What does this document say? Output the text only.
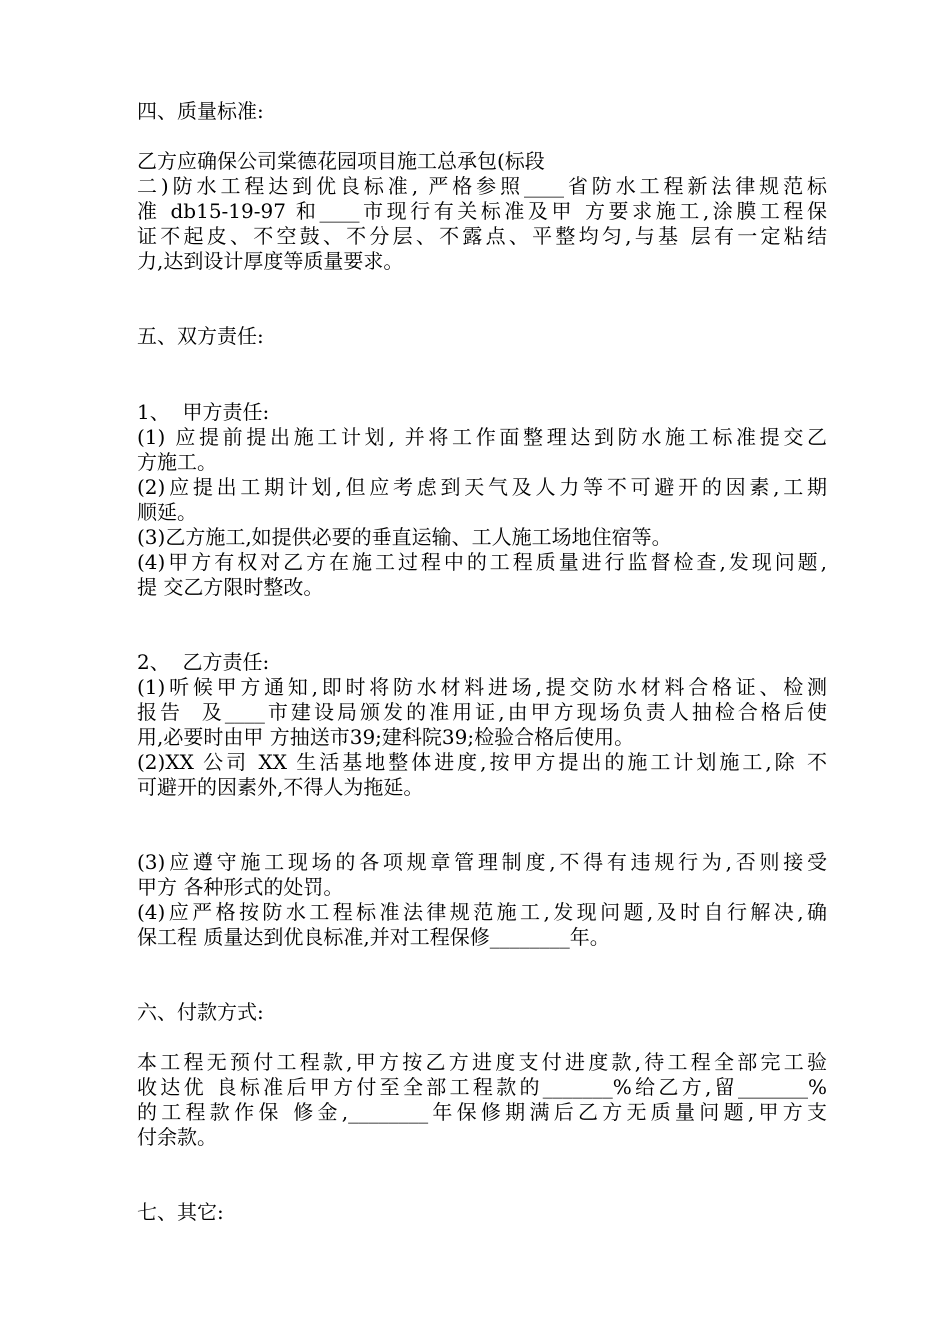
四、质量标准:

乙方应确保公司棠德花园项目施工总承包(标段

二)防水工程达到优良标准, 严格参照____省防水工程新法律规范标

准 db15-19-97 和____市现行有关标准及甲 方要求施工,涂膜工程保

证不起皮、不空鼓、不分层、不露点、平整均匀,与基 层有一定粘结

力,达到设计厚度等质量要求。

五、双方责任:

1、  甲方责任:

(1) 应提前提出施工计划, 并将工作面整理达到防水施工标准提交乙

方施工。

(2)应提出工期计划,但应考虑到天气及人力等不可避开的因素,工期

顺延。

(3)乙方施工,如提供必要的垂直运输、工人施工场地住宿等。

(4)甲方有权对乙方在施工过程中的工程质量进行监督检查,发现问题,

提 交乙方限时整改。

2、  乙方责任:

(1)听候甲方通知,即时将防水材料进场,提交防水材料合格证、检测

报告  及____市建设局颁发的准用证,由甲方现场负责人抽检合格后使

用,必要时由甲 方抽送市39;建科院39;检验合格后使用。

(2)XX 公司 XX 生活基地整体进度,按甲方提出的施工计划施工,除 不

可避开的因素外,不得人为拖延。

(3)应遵守施工现场的各项规章管理制度,不得有违规行为,否则接受

甲方 各种形式的处罚。

(4)应严格按防水工程标准法律规范施工,发现问题,及时自行解决,确

保工程 质量达到优良标准,并对工程保修________年。

六、付款方式:

本工程无预付工程款,甲方按乙方进度支付进度款,待工程全部完工验

收达优 良标准后甲方付至全部工程款的_______%给乙方,留_______%

的工程款作保 修金,________年保修期满后乙方无质量问题,甲方支

付余款。

七、其它:
